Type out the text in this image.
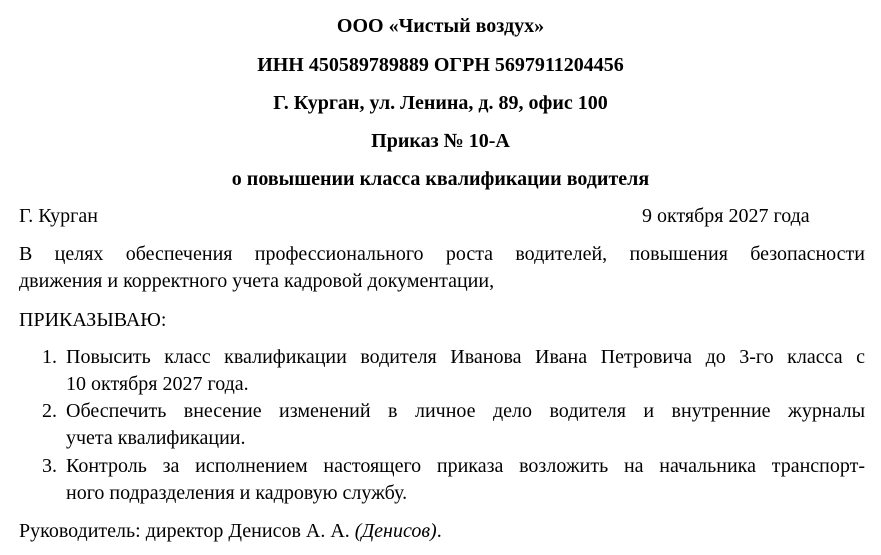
ООО «Чистый воздух»
ИНН 450589789889 ОГРН 5697911204456
Г. Курган, ул. Ленина, д. 89, офис 100
Приказ № 10-А
о повышении класса квалификации водителя
Г. Курган	9 октября 2027 года
В целях обеспечения профессионального роста водителей, повышения безопасности
движения и корректного учета кадровой документации,
ПРИКАЗЫВАЮ:
1. Повысить класс квалификации водителя Иванова Ивана Петровича до 3-го класса с
10 октября 2027 года.
2. Обеспечить внесение изменений в личное дело водителя и внутренние журналы
учета квалификации.
3. Контроль за исполнением настоящего приказа возложить на начальника транспорт-
ного подразделения и кадровую службу.
Руководитель: директор Денисов А. А. (Денисов).
